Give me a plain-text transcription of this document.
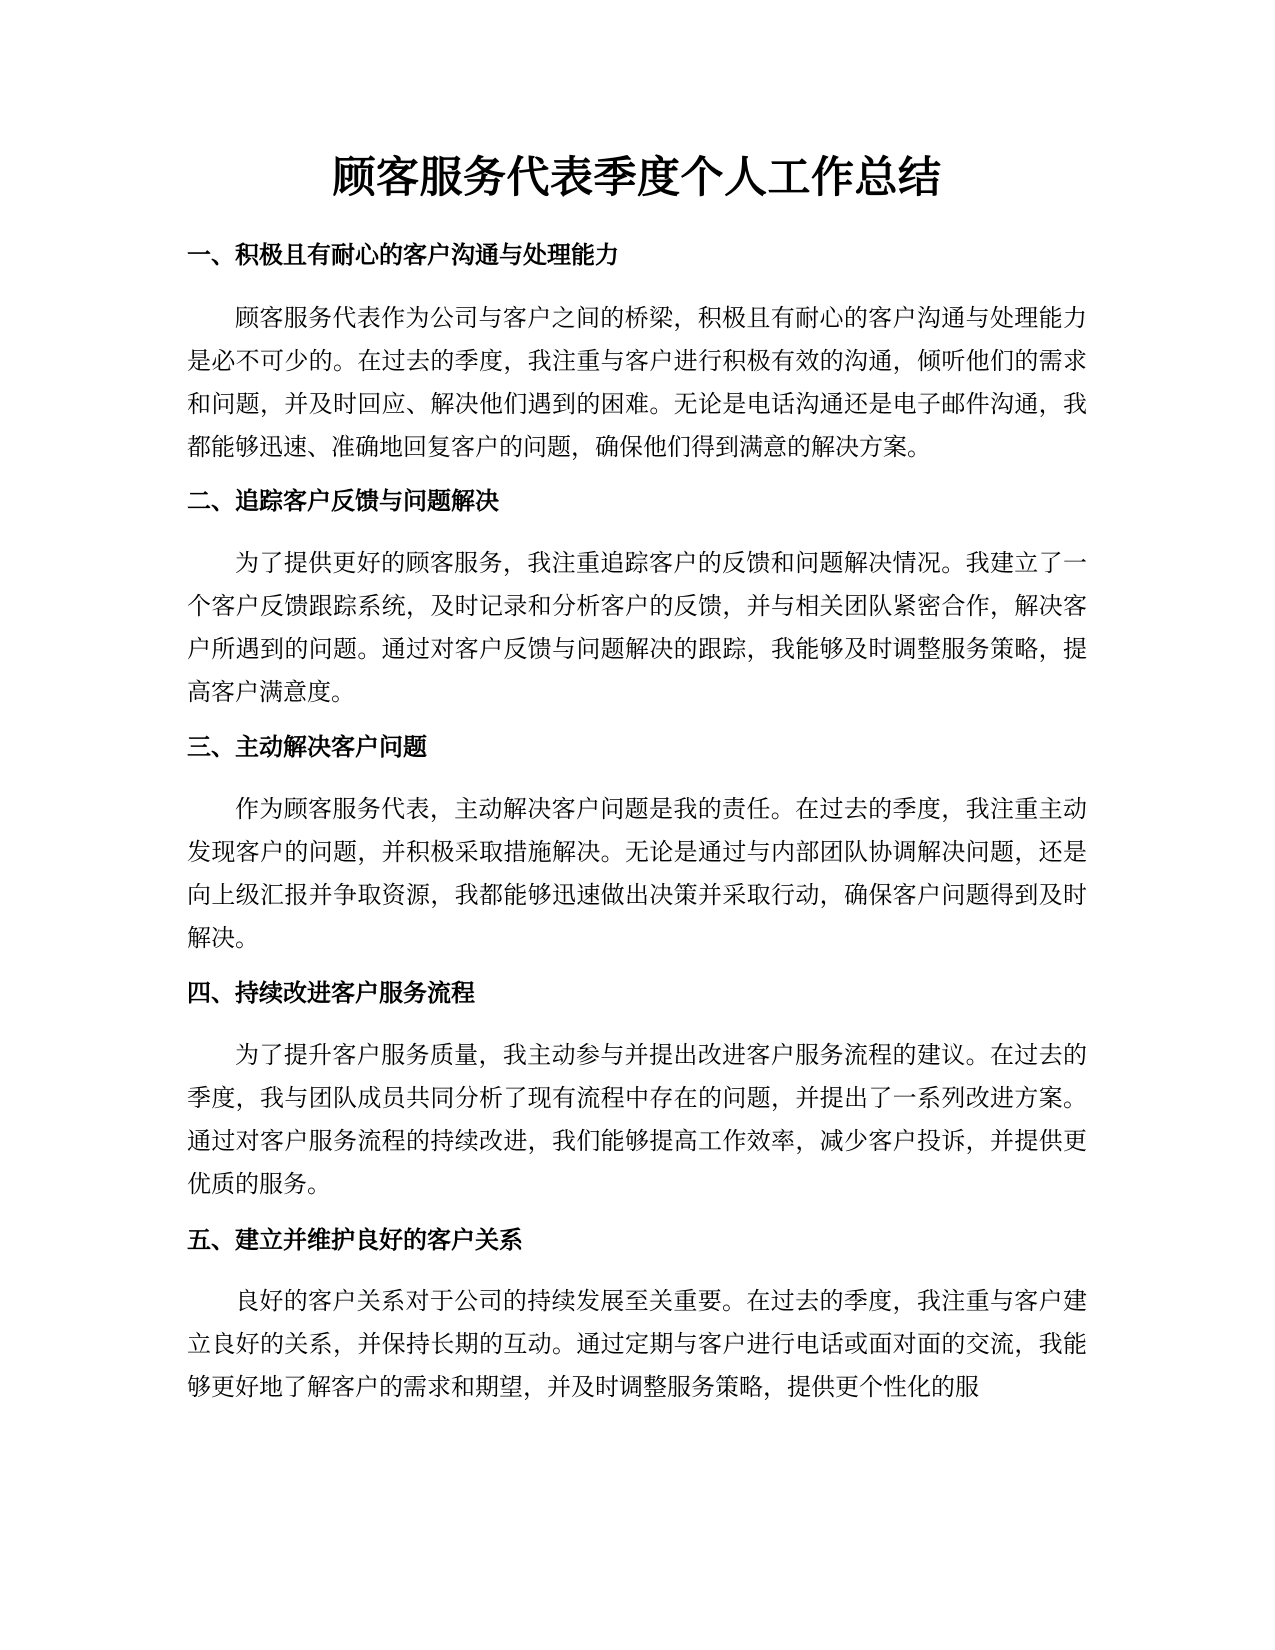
顾客服务代表季度个人工作总结
一、积极且有耐心的客户沟通与处理能力

顾客服务代表作为公司与客户之间的桥梁，积极且有耐心的客户沟通与处理能力是必不可少的。在过去的季度，我注重与客户进行积极有效的沟通，倾听他们的需求和问题，并及时回应、解决他们遇到的困难。无论是电话沟通还是电子邮件沟通，我都能够迅速、准确地回复客户的问题，确保他们得到满意的解决方案。

二、追踪客户反馈与问题解决

为了提供更好的顾客服务，我注重追踪客户的反馈和问题解决情况。我建立了一个客户反馈跟踪系统，及时记录和分析客户的反馈，并与相关团队紧密合作，解决客户所遇到的问题。通过对客户反馈与问题解决的跟踪，我能够及时调整服务策略，提高客户满意度。

三、主动解决客户问题

作为顾客服务代表，主动解决客户问题是我的责任。在过去的季度，我注重主动发现客户的问题，并积极采取措施解决。无论是通过与内部团队协调解决问题，还是向上级汇报并争取资源，我都能够迅速做出决策并采取行动，确保客户问题得到及时解决。

四、持续改进客户服务流程

为了提升客户服务质量，我主动参与并提出改进客户服务流程的建议。在过去的季度，我与团队成员共同分析了现有流程中存在的问题，并提出了一系列改进方案。通过对客户服务流程的持续改进，我们能够提高工作效率，减少客户投诉，并提供更优质的服务。

五、建立并维护良好的客户关系

良好的客户关系对于公司的持续发展至关重要。在过去的季度，我注重与客户建立良好的关系，并保持长期的互动。通过定期与客户进行电话或面对面的交流，我能够更好地了解客户的需求和期望，并及时调整服务策略，提供更个性化的服
